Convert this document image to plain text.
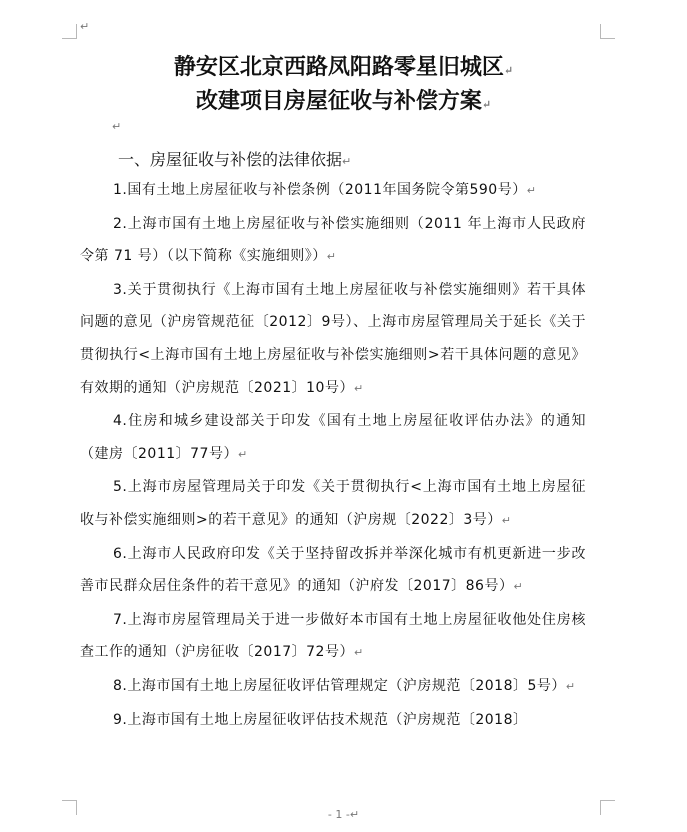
↵
静安区北京西路凤阳路零星旧城区↵
改建项目房屋征收与补偿方案↵
↵
一、房屋征收与补偿的法律依据↵
1.国有土地上房屋征收与补偿条例（2011年国务院令第590号）↵
2.上海市国有土地上房屋征收与补偿实施细则（2011 年上海市人民政府令第 71 号）（以下简称《实施细则》）↵
3.关于贯彻执行《上海市国有土地上房屋征收与补偿实施细则》若干具体问题的意见（沪房管规范征〔2012〕9号）、上海市房屋管理局关于延长《关于贯彻执行<上海市国有土地上房屋征收与补偿实施细则>若干具体问题的意见》有效期的通知（沪房规范〔2021〕10号）↵
4.住房和城乡建设部关于印发《国有土地上房屋征收评估办法》的通知（建房〔2011〕77号）↵
5.上海市房屋管理局关于印发《关于贯彻执行<上海市国有土地上房屋征收与补偿实施细则>的若干意见》的通知（沪房规〔2022〕3号）↵
6.上海市人民政府印发《关于坚持留改拆并举深化城市有机更新进一步改善市民群众居住条件的若干意见》的通知（沪府发〔2017〕86号）↵
7.上海市房屋管理局关于进一步做好本市国有土地上房屋征收他处住房核查工作的通知（沪房征收〔2017〕72号）↵
8.上海市国有土地上房屋征收评估管理规定（沪房规范〔2018〕5号）↵
9.上海市国有土地上房屋征收评估技术规范（沪房规范〔2018〕
- 1 -↵
